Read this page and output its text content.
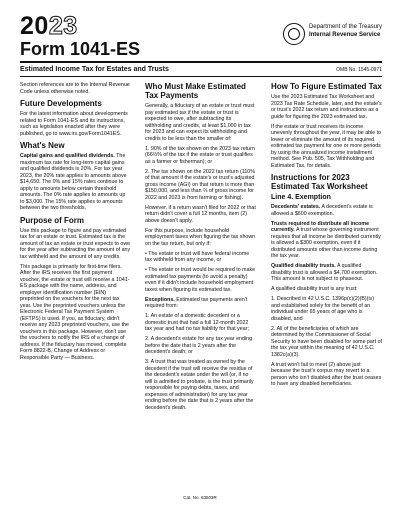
2023
Form 1041-ES
Department of the Treasury
Internal Revenue Service
Estimated Income Tax for Estates and Trusts	OMB No. 1545-0971

Section references are to the Internal Revenue Code unless otherwise noted.

Future Developments

For the latest information about developments related to Form 1041-ES and its instructions, such as legislation enacted after they were published, go to www.irs.gov/Form1041ES.

What's New

Capital gains and qualified dividends. The maximum tax rate for long-term capital gains and qualified dividends is 20%. For tax year 2023, the 20% rate applies to amounts above $14,650. The 0% and 15% rates continue to apply to amounts below certain threshold amounts. The 0% rate applies to amounts up to $3,000. The 15% rate applies to amounts between the two thresholds.

Purpose of Form

Use this package to figure and pay estimated tax for an estate or trust. Estimated tax is the amount of tax an estate or trust expects to owe for the year after subtracting the amount of any tax withheld and the amount of any credits.

This package is primarily for first-time filers. After the IRS receives the first payment voucher, the estate or trust will receive a 1041-ES package with the name, address, and employer identification number (EIN) preprinted on the vouchers for the next tax year. Use the preprinted vouchers unless the Electronic Federal Tax Payment System (EFTPS) is used. If you, as fiduciary, didn't receive any 2023 preprinted vouchers, use the vouchers in this package. However, don't use the vouchers to notify the IRS of a change of address. If the fiduciary has moved, complete Form 8822-B, Change of Address or Responsible Party — Business.

Who Must Make Estimated Tax Payments

Generally, a fiduciary of an estate or trust must pay estimated tax if the estate or trust is expected to owe, after subtracting its withholding and credits, at least $1,000 in tax for 2023 and can expect its withholding and credits to be less than the smaller of:

1. 90% of the tax shown on the 2023 tax return (66⅔% of the tax if the estate or trust qualifies as a farmer or fisherman); or

2. The tax shown on the 2022 tax return (110% of that amount if the estate's or trust's adjusted gross income (AGI) on that return is more than $150,000, and less than ⅔ of gross income for 2022 and 2023 is from farming or fishing).

However, if a return wasn't filed for 2022 or that return didn't cover a full 12 months, item (2) above doesn't apply.

For this purpose, include household employment taxes when figuring the tax shown on the tax return, but only if:

• The estate or trust will have federal income tax withheld from any income, or

• The estate or trust would be required to make estimated tax payments (to avoid a penalty) even if it didn't include household employment taxes when figuring its estimated tax.

Exceptions. Estimated tax payments aren't required from:

1. An estate of a domestic decedent or a domestic trust that had a full 12-month 2022 tax year and had no tax liability for that year;

2. A decedent's estate for any tax year ending before the date that is 2 years after the decedent's death; or

3. A trust that was treated as owned by the decedent if the trust will receive the residue of the decedent's estate under the will (or, if no will is admitted to probate, is the trust primarily responsible for paying debts, taxes, and expenses of administration) for any tax year ending before the date that is 2 years after the decedent's death.

How To Figure Estimated Tax

Use the 2023 Estimated Tax Worksheet and 2023 Tax Rate Schedule, later, and the estate's or trust's 2022 tax return and instructions as a guide for figuring the 2023 estimated tax.

If the estate or trust receives its income unevenly throughout the year, it may be able to lower or eliminate the amount of its required estimated tax payment for one or more periods by using the annualized income installment method. See Pub. 505, Tax Withholding and Estimated Tax, for details.

Instructions for 2023 Estimated Tax Worksheet
Line 4. Exemption

Decedents' estates. A decedent's estate is allowed a $600 exemption.

Trusts required to distribute all income currently. A trust whose governing instrument requires that all income be distributed currently is allowed a $300 exemption, even if it distributed amounts other than income during the tax year.

Qualified disability trusts. A qualified disability trust is allowed a $4,700 exemption. This amount is not subject to phaseout.

A qualified disability trust is any trust:

1. Described in 42 U.S.C. 1396p(c)(2)(B)(iv) and established solely for the benefit of an individual under 65 years of age who is disabled, and

2. All of the beneficiaries of which are determined by the Commissioner of Social Security to have been disabled for some part of the tax year within the meaning of 42 U.S.C. 1382c(a)(3).

A trust won't fail to meet (2) above just because the trust's corpus may revert to a person who isn't disabled after the trust ceases to have any disabled beneficiaries.

Cat. No. 63503R
